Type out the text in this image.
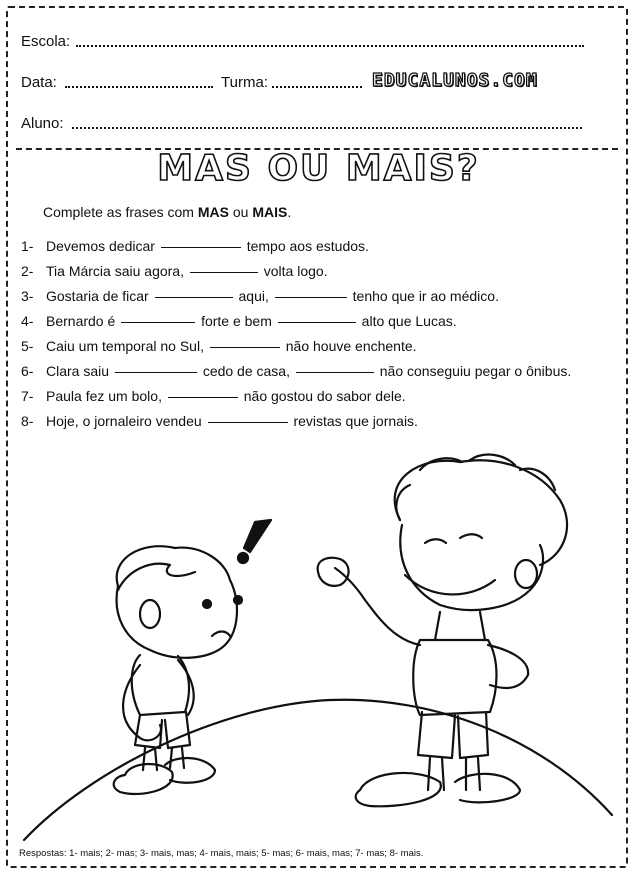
Escola:
Data:	Turma:	EDUCALUNOS.COM
Aluno:
MAS OU MAIS?
Complete as frases com MAS ou MAIS.
1- Devemos dedicar	tempo aos estudos.
2- Tia Márcia saiu agora,	volta logo.
3- Gostaria de ficar	aqui,	tenho que ir ao médico.
4- Bernardo é	forte e bem	alto que Lucas.
5- Caiu um temporal no Sul,	não houve enchente.
6- Clara saiu	cedo de casa,	não conseguiu pegar o ônibus.
7- Paula fez um bolo,	não gostou do sabor dele.
8- Hoje, o jornaleiro vendeu	revistas que jornais.
Respostas: 1- mais; 2- mas; 3- mais, mas; 4- mais, mais; 5- mas; 6- mais, mas; 7- mas; 8- mais.
